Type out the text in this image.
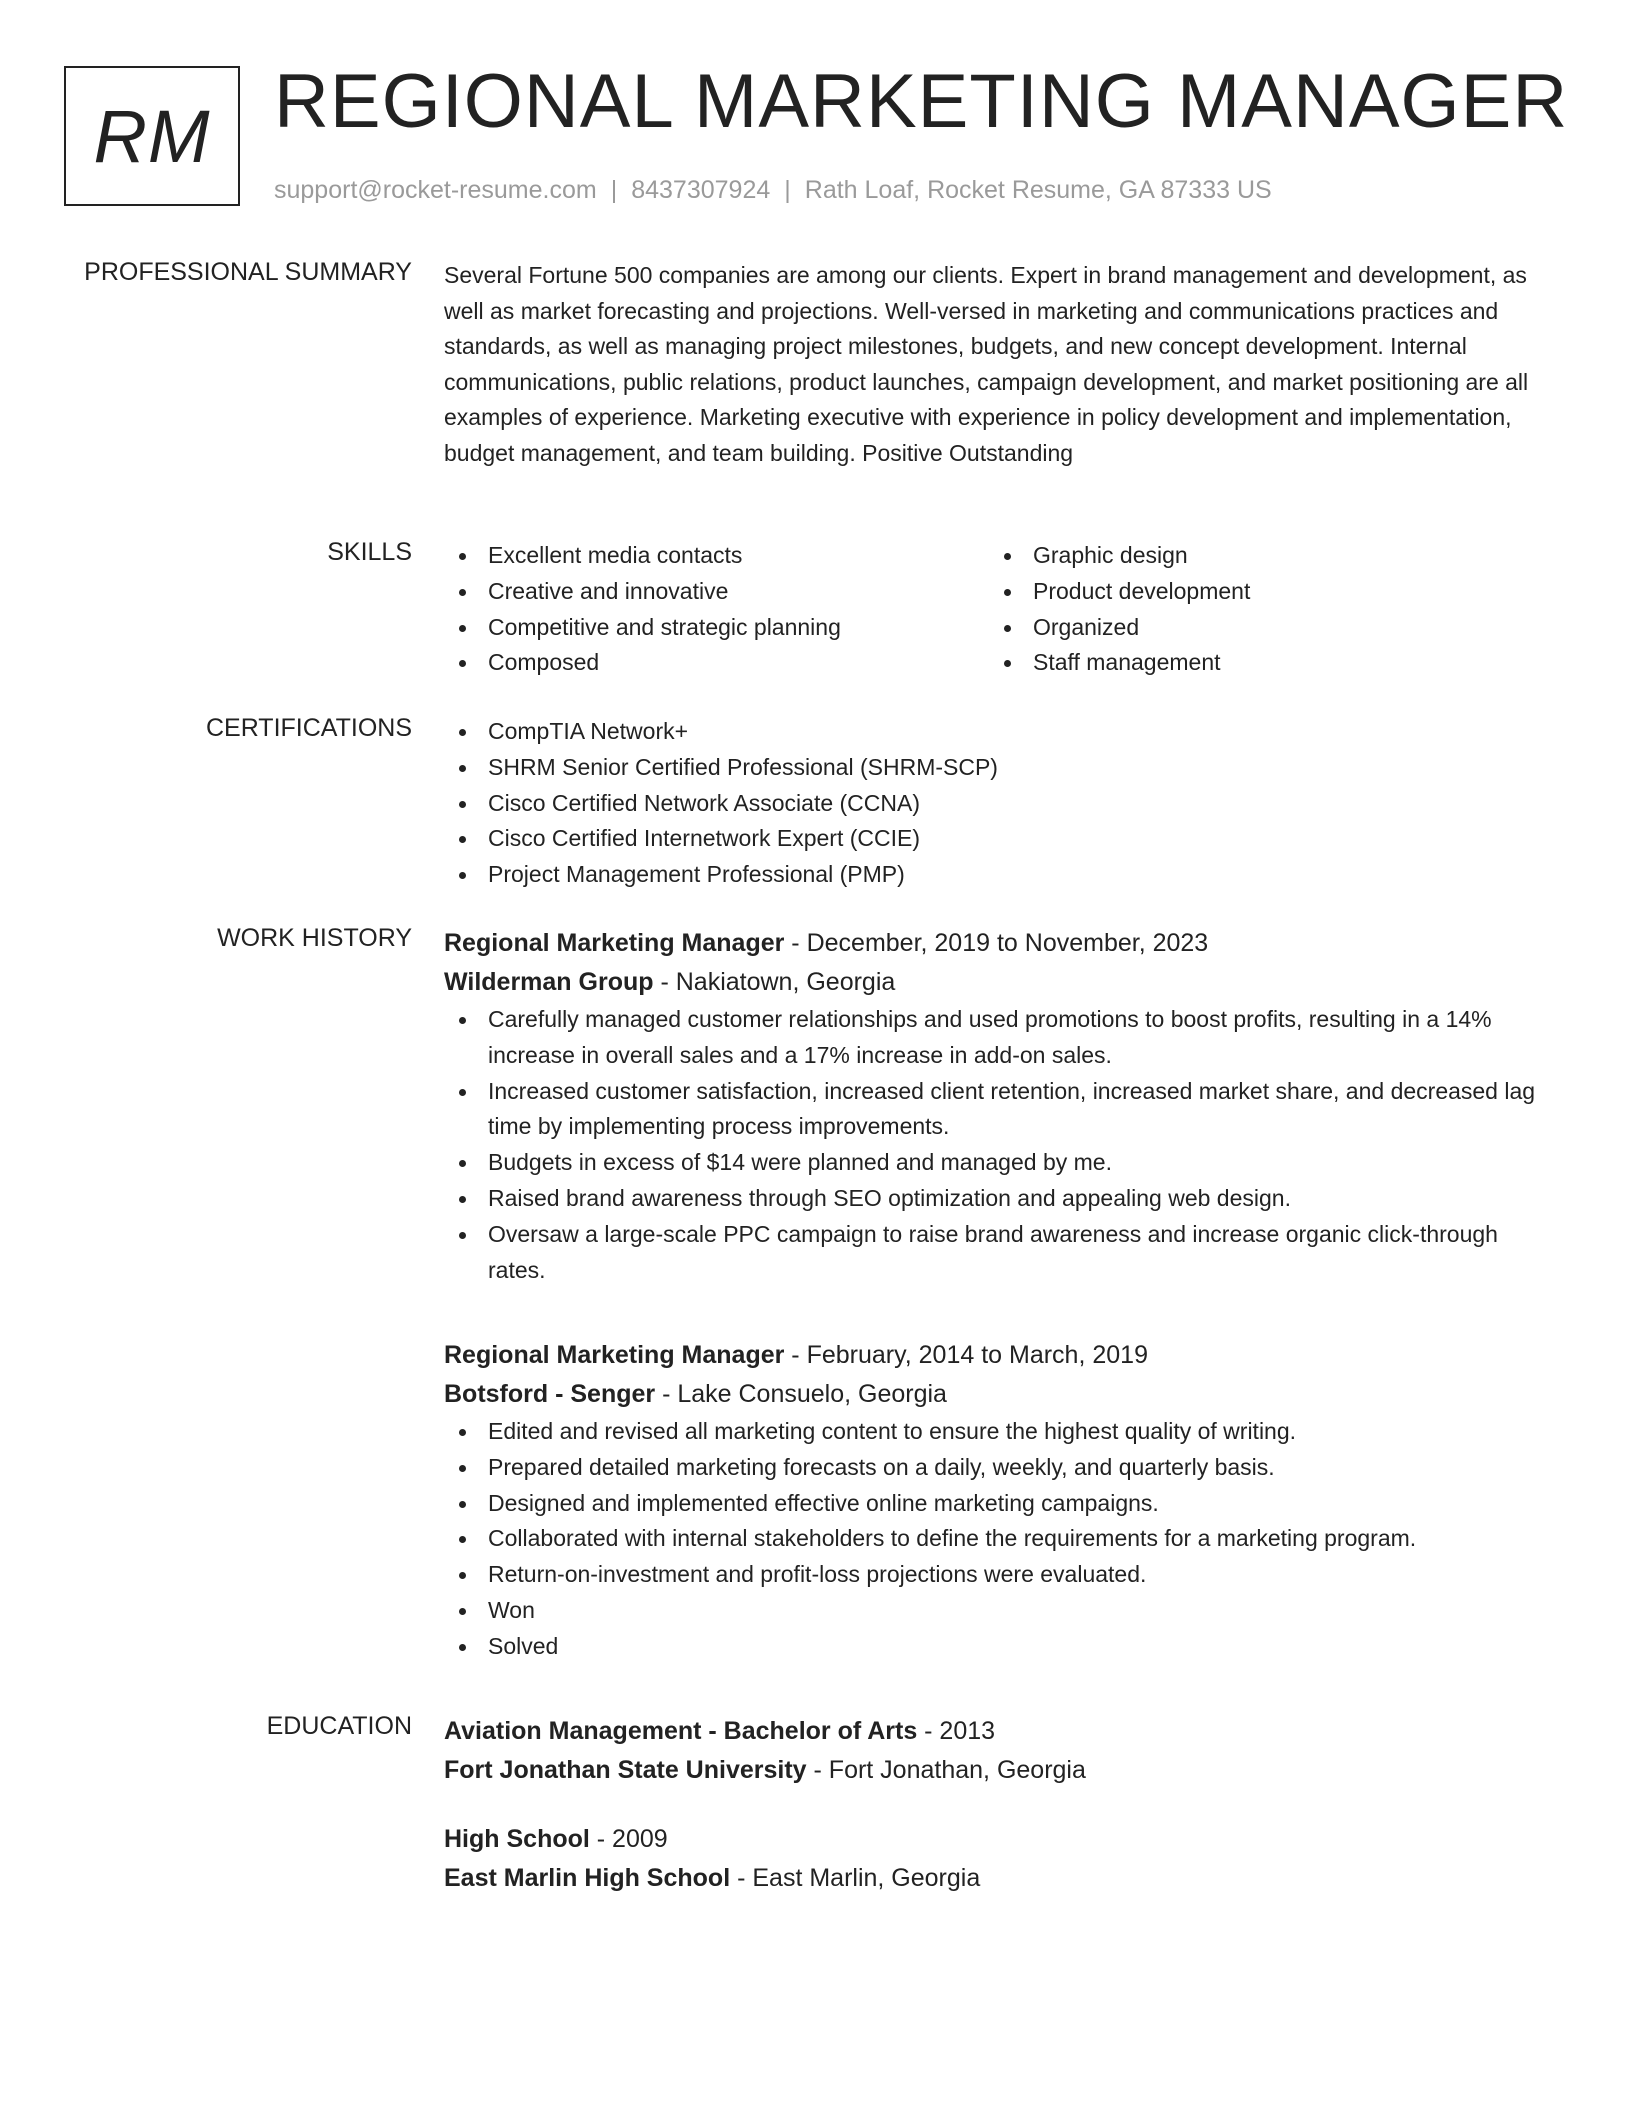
RM REGIONAL MARKETING MANAGER
support@rocket-resume.com | 8437307924 | Rath Loaf, Rocket Resume, GA 87333 US
PROFESSIONAL SUMMARY Several Fortune 500 companies are among our clients. Expert in brand management and development, as well as market forecasting and projections. Well-versed in marketing and communications practices and standards, as well as managing project milestones, budgets, and new concept development. Internal communications, public relations, product launches, campaign development, and market positioning are all examples of experience. Marketing executive with experience in policy development and implementation, budget management, and team building. Positive Outstanding

SKILLS	Excellent media contacts
Creative and innovative
Competitive and strategic planning
Composed
Graphic design
Product development
Organized
Staff management
CERTIFICATIONS	CompTIA Network+
SHRM Senior Certified Professional (SHRM-SCP)
Cisco Certified Network Associate (CCNA)
Cisco Certified Internetwork Expert (CCIE)
Project Management Professional (PMP)
WORK HISTORY Regional Marketing Manager - December, 2019 to November, 2023
Wilderman Group - Nakiatown, Georgia
Carefully managed customer relationships and used promotions to boost profits, resulting in a 14% increase in overall sales and a 17% increase in add-on sales.
Increased customer satisfaction, increased client retention, increased market share, and decreased lag time by implementing process improvements.
Budgets in excess of $14 were planned and managed by me.
Raised brand awareness through SEO optimization and appealing web design.
Oversaw a large-scale PPC campaign to raise brand awareness and increase organic click-through rates.
Regional Marketing Manager - February, 2014 to March, 2019
Botsford - Senger - Lake Consuelo, Georgia
Edited and revised all marketing content to ensure the highest quality of writing.
Prepared detailed marketing forecasts on a daily, weekly, and quarterly basis.
Designed and implemented effective online marketing campaigns.
Collaborated with internal stakeholders to define the requirements for a marketing program.
Return-on-investment and profit-loss projections were evaluated.
Won
Solved
EDUCATION Aviation Management - Bachelor of Arts - 2013
Fort Jonathan State University - Fort Jonathan, Georgia
High School - 2009
East Marlin High School - East Marlin, Georgia
